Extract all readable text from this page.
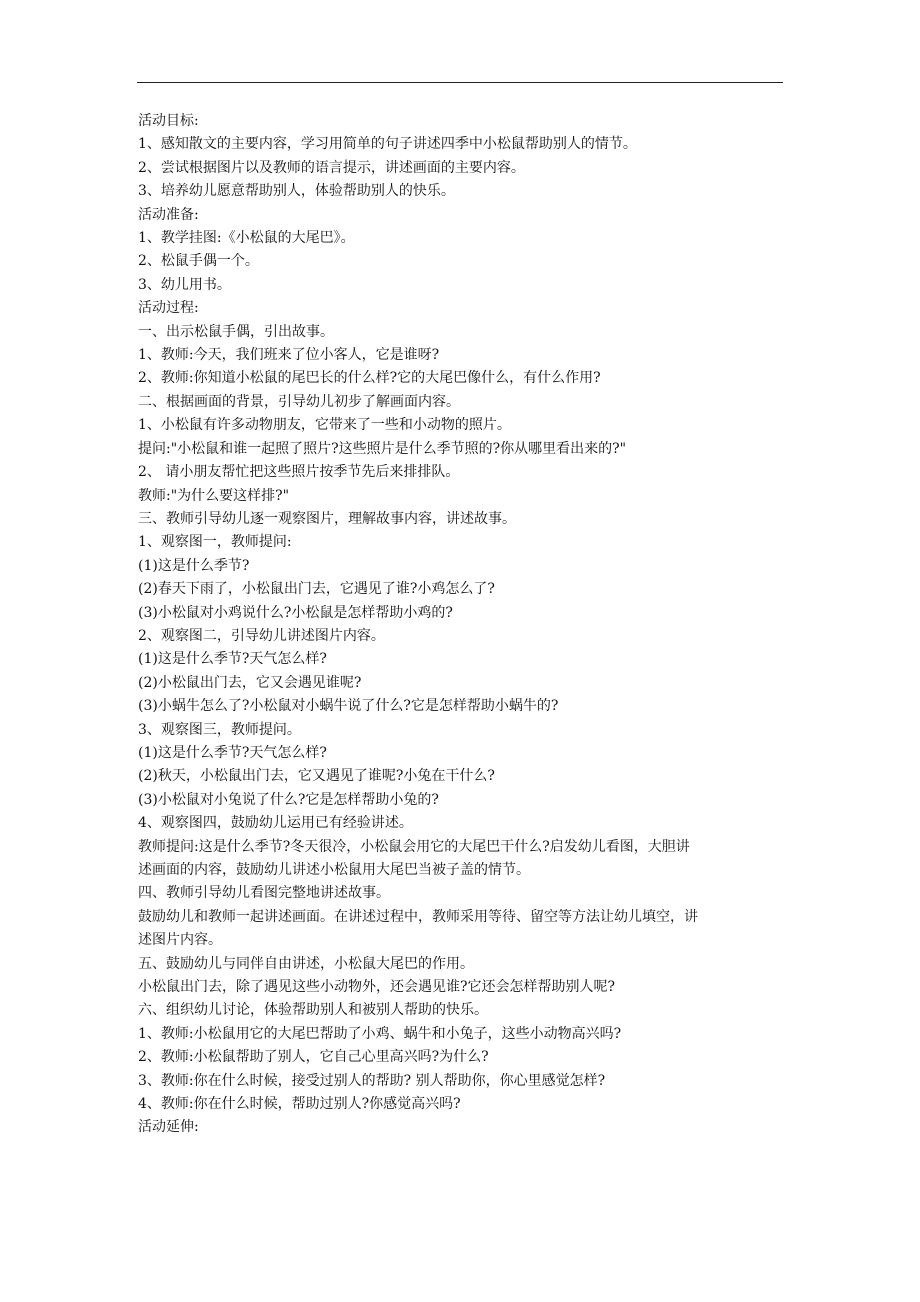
活动目标:

1、感知散文的主要内容，学习用简单的句子讲述四季中小松鼠帮助别人的情节。

2、尝试根据图片以及教师的语言提示，讲述画面的主要内容。

3、培养幼儿愿意帮助别人，体验帮助别人的快乐。

活动准备:

1、教学挂图:《小松鼠的大尾巴》。

2、松鼠手偶一个。

3、幼儿用书。

活动过程:

一、出示松鼠手偶，引出故事。

1、教师:今天，我们班来了位小客人，它是谁呀?

2、教师:你知道小松鼠的尾巴长的什么样?它的大尾巴像什么，有什么作用?

二、根据画面的背景，引导幼儿初步了解画面内容。

1、小松鼠有许多动物朋友，它带来了一些和小动物的照片。

提问:"小松鼠和谁一起照了照片?这些照片是什么季节照的?你从哪里看出来的?"

2、 请小朋友帮忙把这些照片按季节先后来排排队。

教师:"为什么要这样排?"

三、教师引导幼儿逐一观察图片，理解故事内容，讲述故事。

1、观察图一，教师提问:

(1)这是什么季节?

(2)春天下雨了，小松鼠出门去，它遇见了谁?小鸡怎么了?

(3)小松鼠对小鸡说什么?小松鼠是怎样帮助小鸡的?

2、观察图二，引导幼儿讲述图片内容。

(1)这是什么季节?天气怎么样?

(2)小松鼠出门去，它又会遇见谁呢?

(3)小蜗牛怎么了?小松鼠对小蜗牛说了什么?它是怎样帮助小蜗牛的?

3、观察图三，教师提问。

(1)这是什么季节?天气怎么样?

(2)秋天，小松鼠出门去，它又遇见了谁呢?小兔在干什么?

(3)小松鼠对小兔说了什么?它是怎样帮助小兔的?

4、观察图四，鼓励幼儿运用已有经验讲述。

教师提问:这是什么季节?冬天很冷，小松鼠会用它的大尾巴干什么?启发幼儿看图，大胆讲

述画面的内容，鼓励幼儿讲述小松鼠用大尾巴当被子盖的情节。

四、教师引导幼儿看图完整地讲述故事。

鼓励幼儿和教师一起讲述画面。在讲述过程中，教师采用等待、留空等方法让幼儿填空，讲

述图片内容。

五、鼓励幼儿与同伴自由讲述，小松鼠大尾巴的作用。

小松鼠出门去，除了遇见这些小动物外，还会遇见谁?它还会怎样帮助别人呢?

六、组织幼儿讨论，体验帮助别人和被别人帮助的快乐。

1、教师:小松鼠用它的大尾巴帮助了小鸡、蜗牛和小兔子，这些小动物高兴吗?

2、教师:小松鼠帮助了别人，它自己心里高兴吗?为什么?

3、教师:你在什么时候，接受过别人的帮助? 别人帮助你，你心里感觉怎样?

4、教师:你在什么时候，帮助过别人?你感觉高兴吗?

活动延伸:
